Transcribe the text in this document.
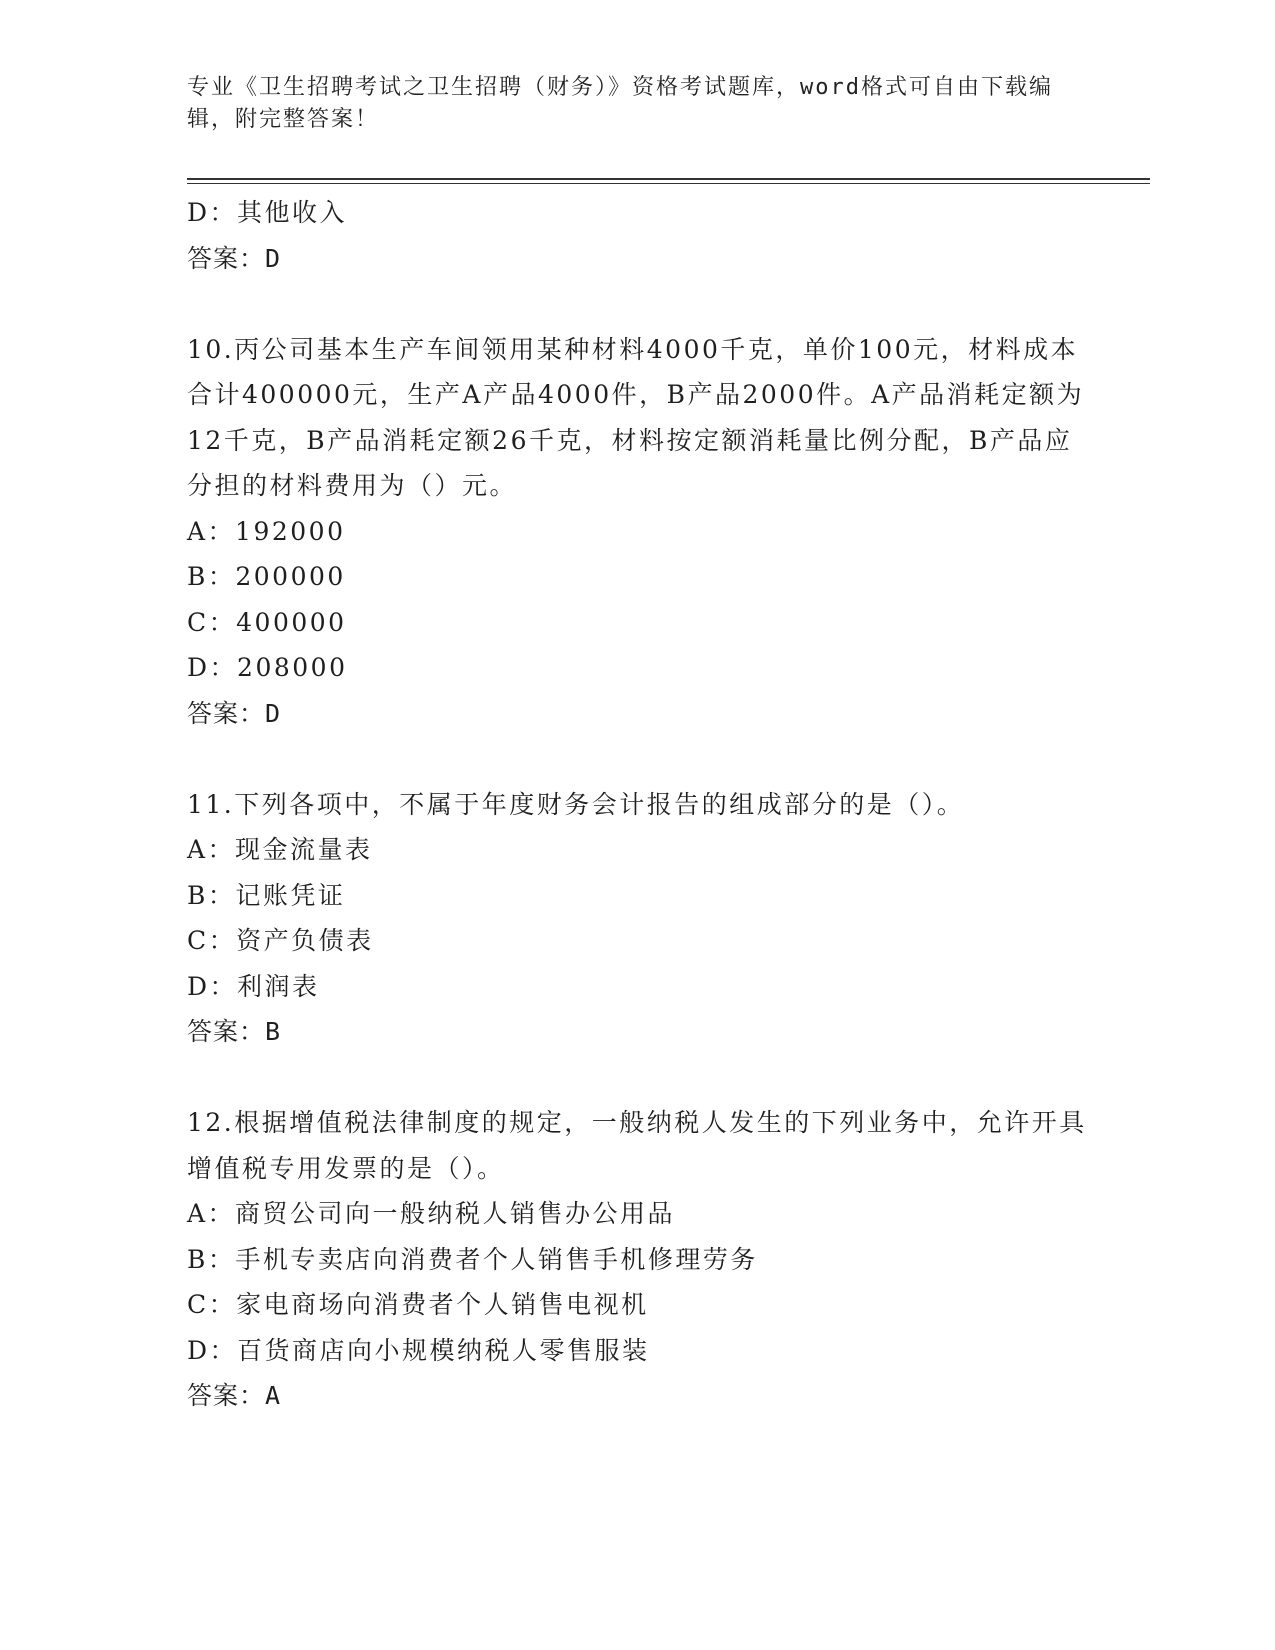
专业《卫生招聘考试之卫生招聘（财务）》资格考试题库，word格式可自由下载编辑，附完整答案！
D：其他收入
答案：D
10.丙公司基本生产车间领用某种材料4000千克，单价100元，材料成本合计400000元，生产A产品4000件，B产品2000件。A产品消耗定额为12千克，B产品消耗定额26千克，材料按定额消耗量比例分配，B产品应分担的材料费用为（）元。
A：192000
B：200000
C：400000
D：208000
答案：D
11.下列各项中，不属于年度财务会计报告的组成部分的是（）。
A：现金流量表
B：记账凭证
C：资产负债表
D：利润表
答案：B
12.根据增值税法律制度的规定，一般纳税人发生的下列业务中，允许开具增值税专用发票的是（）。
A：商贸公司向一般纳税人销售办公用品
B：手机专卖店向消费者个人销售手机修理劳务
C：家电商场向消费者个人销售电视机
D：百货商店向小规模纳税人零售服装
答案：A
